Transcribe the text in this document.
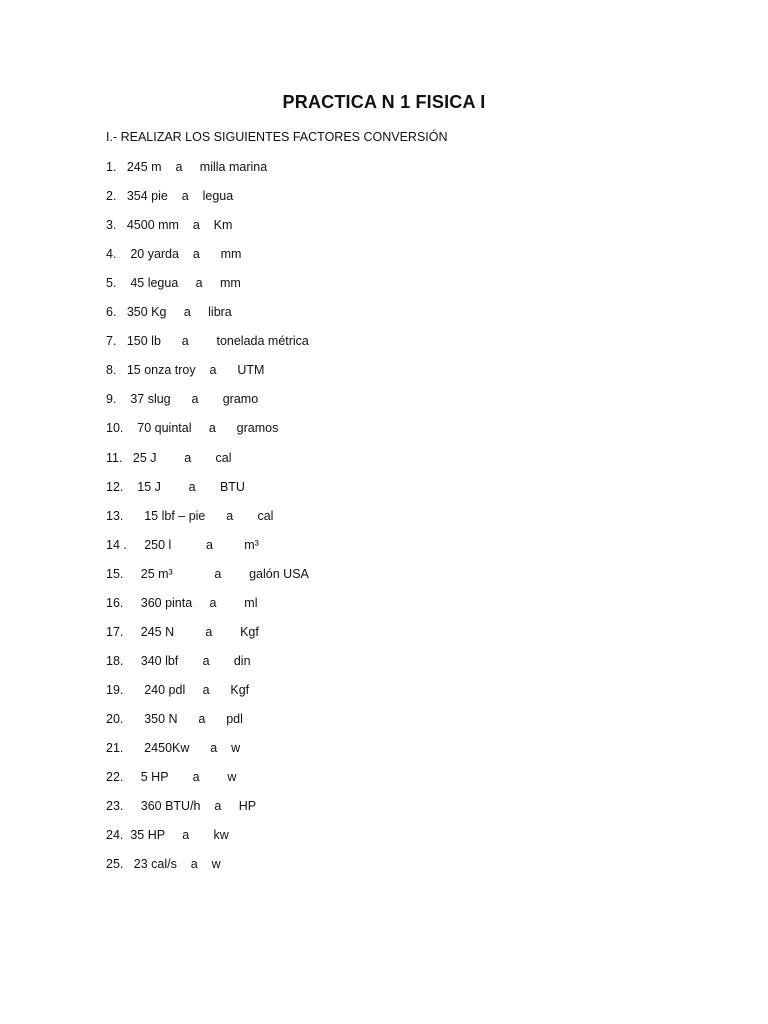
PRACTICA N 1 FISICA I
I.- REALIZAR LOS SIGUIENTES FACTORES CONVERSIÓN
1.   245 m    a     milla marina
2.   354 pie    a    legua
3.   4500 mm    a    Km
4.    20 yarda    a      mm
5.    45 legua     a     mm
6.   350 Kg     a     libra
7.   150 lb      a        tonelada métrica
8.   15 onza troy    a      UTM
9.    37 slug      a       gramo
10.    70 quintal     a      gramos
11.   25 J        a       cal
12.    15 J        a       BTU
13.      15 lbf – pie      a       cal
14 .     250 l          a         m³
15.     25 m³            a        galón USA
16.     360 pinta     a        ml
17.     245 N         a        Kgf
18.     340 lbf       a       din
19.      240 pdl     a      Kgf
20.      350 N      a      pdl
21.      2450Kw      a    w
22.     5 HP       a        w
23.     360 BTU/h    a     HP
24.  35 HP     a       kw
25.   23 cal/s    a    w
